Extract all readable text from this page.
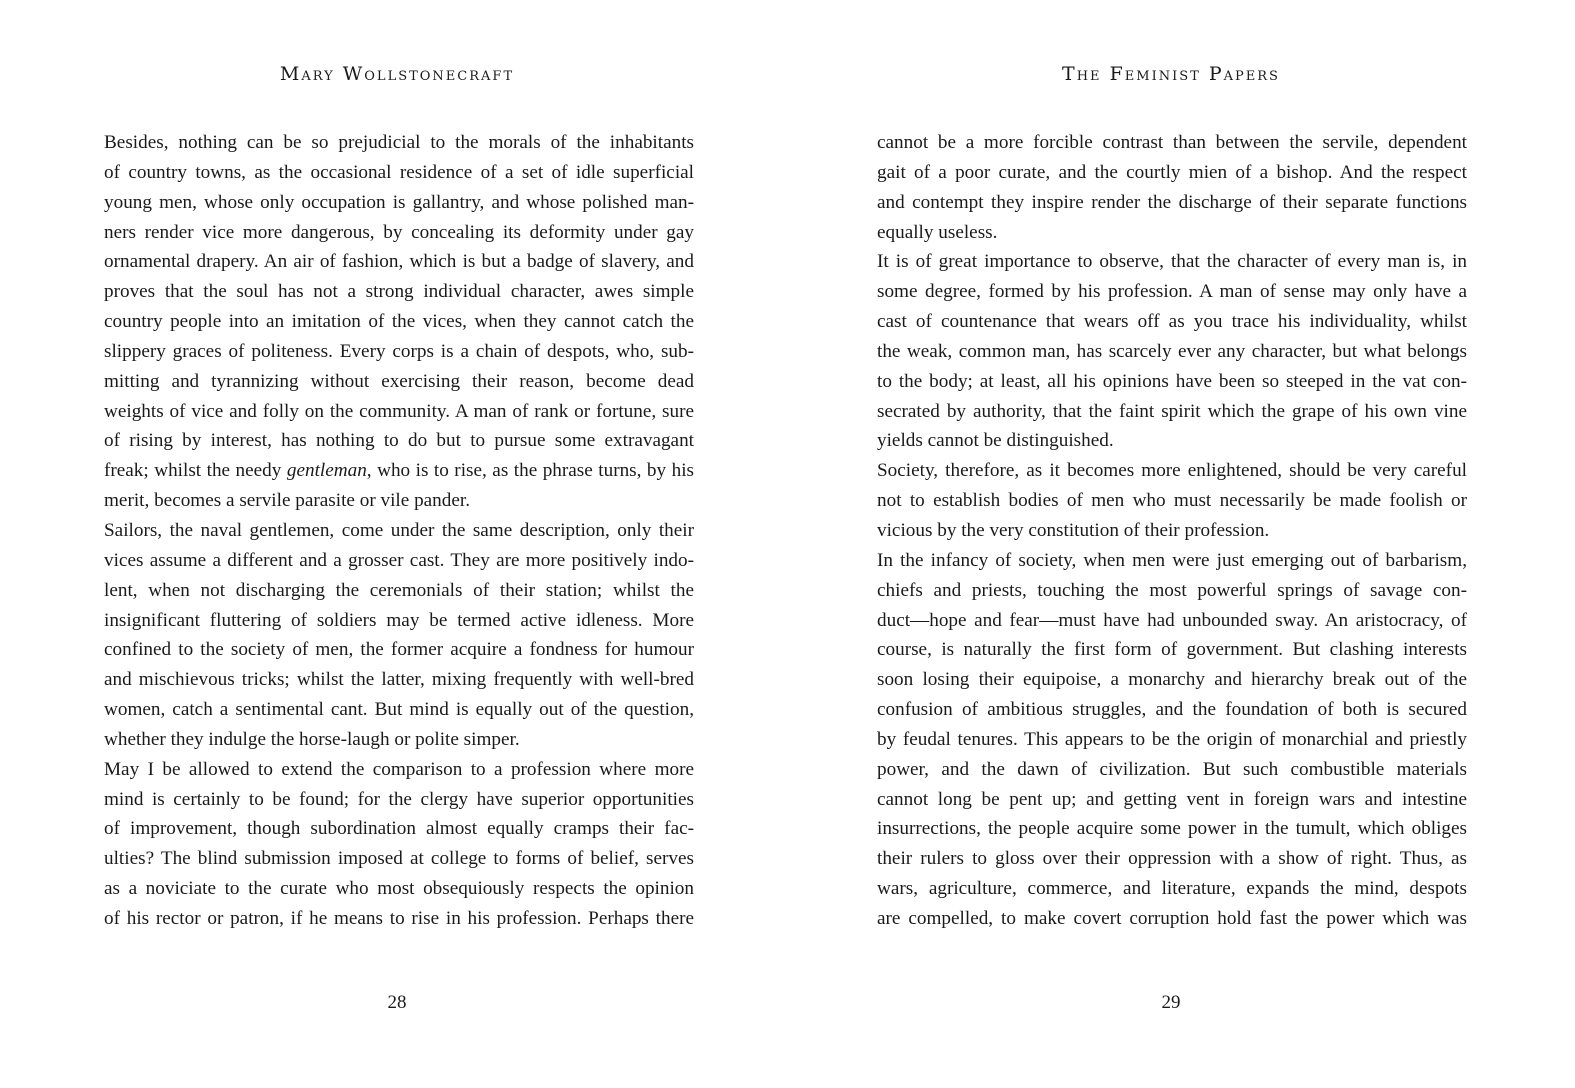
Mary Wollstonecraft
Besides, nothing can be so prejudicial to the morals of the inhabitants
of country towns, as the occasional residence of a set of idle superficial
young men, whose only occupation is gallantry, and whose polished man-
ners render vice more dangerous, by concealing its deformity under gay
ornamental drapery. An air of fashion, which is but a badge of slavery, and
proves that the soul has not a strong individual character, awes simple
country people into an imitation of the vices, when they cannot catch the
slippery graces of politeness. Every corps is a chain of despots, who, sub-
mitting and tyrannizing without exercising their reason, become dead
weights of vice and folly on the community. A man of rank or fortune, sure
of rising by interest, has nothing to do but to pursue some extravagant
freak; whilst the needy gentleman, who is to rise, as the phrase turns, by his
merit, becomes a servile parasite or vile pander.
Sailors, the naval gentlemen, come under the same description, only their
vices assume a different and a grosser cast. They are more positively indo-
lent, when not discharging the ceremonials of their station; whilst the
insignificant fluttering of soldiers may be termed active idleness. More
confined to the society of men, the former acquire a fondness for humour
and mischievous tricks; whilst the latter, mixing frequently with well-bred
women, catch a sentimental cant. But mind is equally out of the question,
whether they indulge the horse-laugh or polite simper.
May I be allowed to extend the comparison to a profession where more
mind is certainly to be found; for the clergy have superior opportunities
of improvement, though subordination almost equally cramps their fac-
ulties? The blind submission imposed at college to forms of belief, serves
as a noviciate to the curate who most obsequiously respects the opinion
of his rector or patron, if he means to rise in his profession. Perhaps there
28
The Feminist Papers
cannot be a more forcible contrast than between the servile, dependent
gait of a poor curate, and the courtly mien of a bishop. And the respect
and contempt they inspire render the discharge of their separate functions
equally useless.
It is of great importance to observe, that the character of every man is, in
some degree, formed by his profession. A man of sense may only have a
cast of countenance that wears off as you trace his individuality, whilst
the weak, common man, has scarcely ever any character, but what belongs
to the body; at least, all his opinions have been so steeped in the vat con-
secrated by authority, that the faint spirit which the grape of his own vine
yields cannot be distinguished.
Society, therefore, as it becomes more enlightened, should be very careful
not to establish bodies of men who must necessarily be made foolish or
vicious by the very constitution of their profession.
In the infancy of society, when men were just emerging out of barbarism,
chiefs and priests, touching the most powerful springs of savage con-
duct—hope and fear—must have had unbounded sway. An aristocracy, of
course, is naturally the first form of government. But clashing interests
soon losing their equipoise, a monarchy and hierarchy break out of the
confusion of ambitious struggles, and the foundation of both is secured
by feudal tenures. This appears to be the origin of monarchial and priestly
power, and the dawn of civilization. But such combustible materials
cannot long be pent up; and getting vent in foreign wars and intestine
insurrections, the people acquire some power in the tumult, which obliges
their rulers to gloss over their oppression with a show of right. Thus, as
wars, agriculture, commerce, and literature, expands the mind, despots
are compelled, to make covert corruption hold fast the power which was
29
